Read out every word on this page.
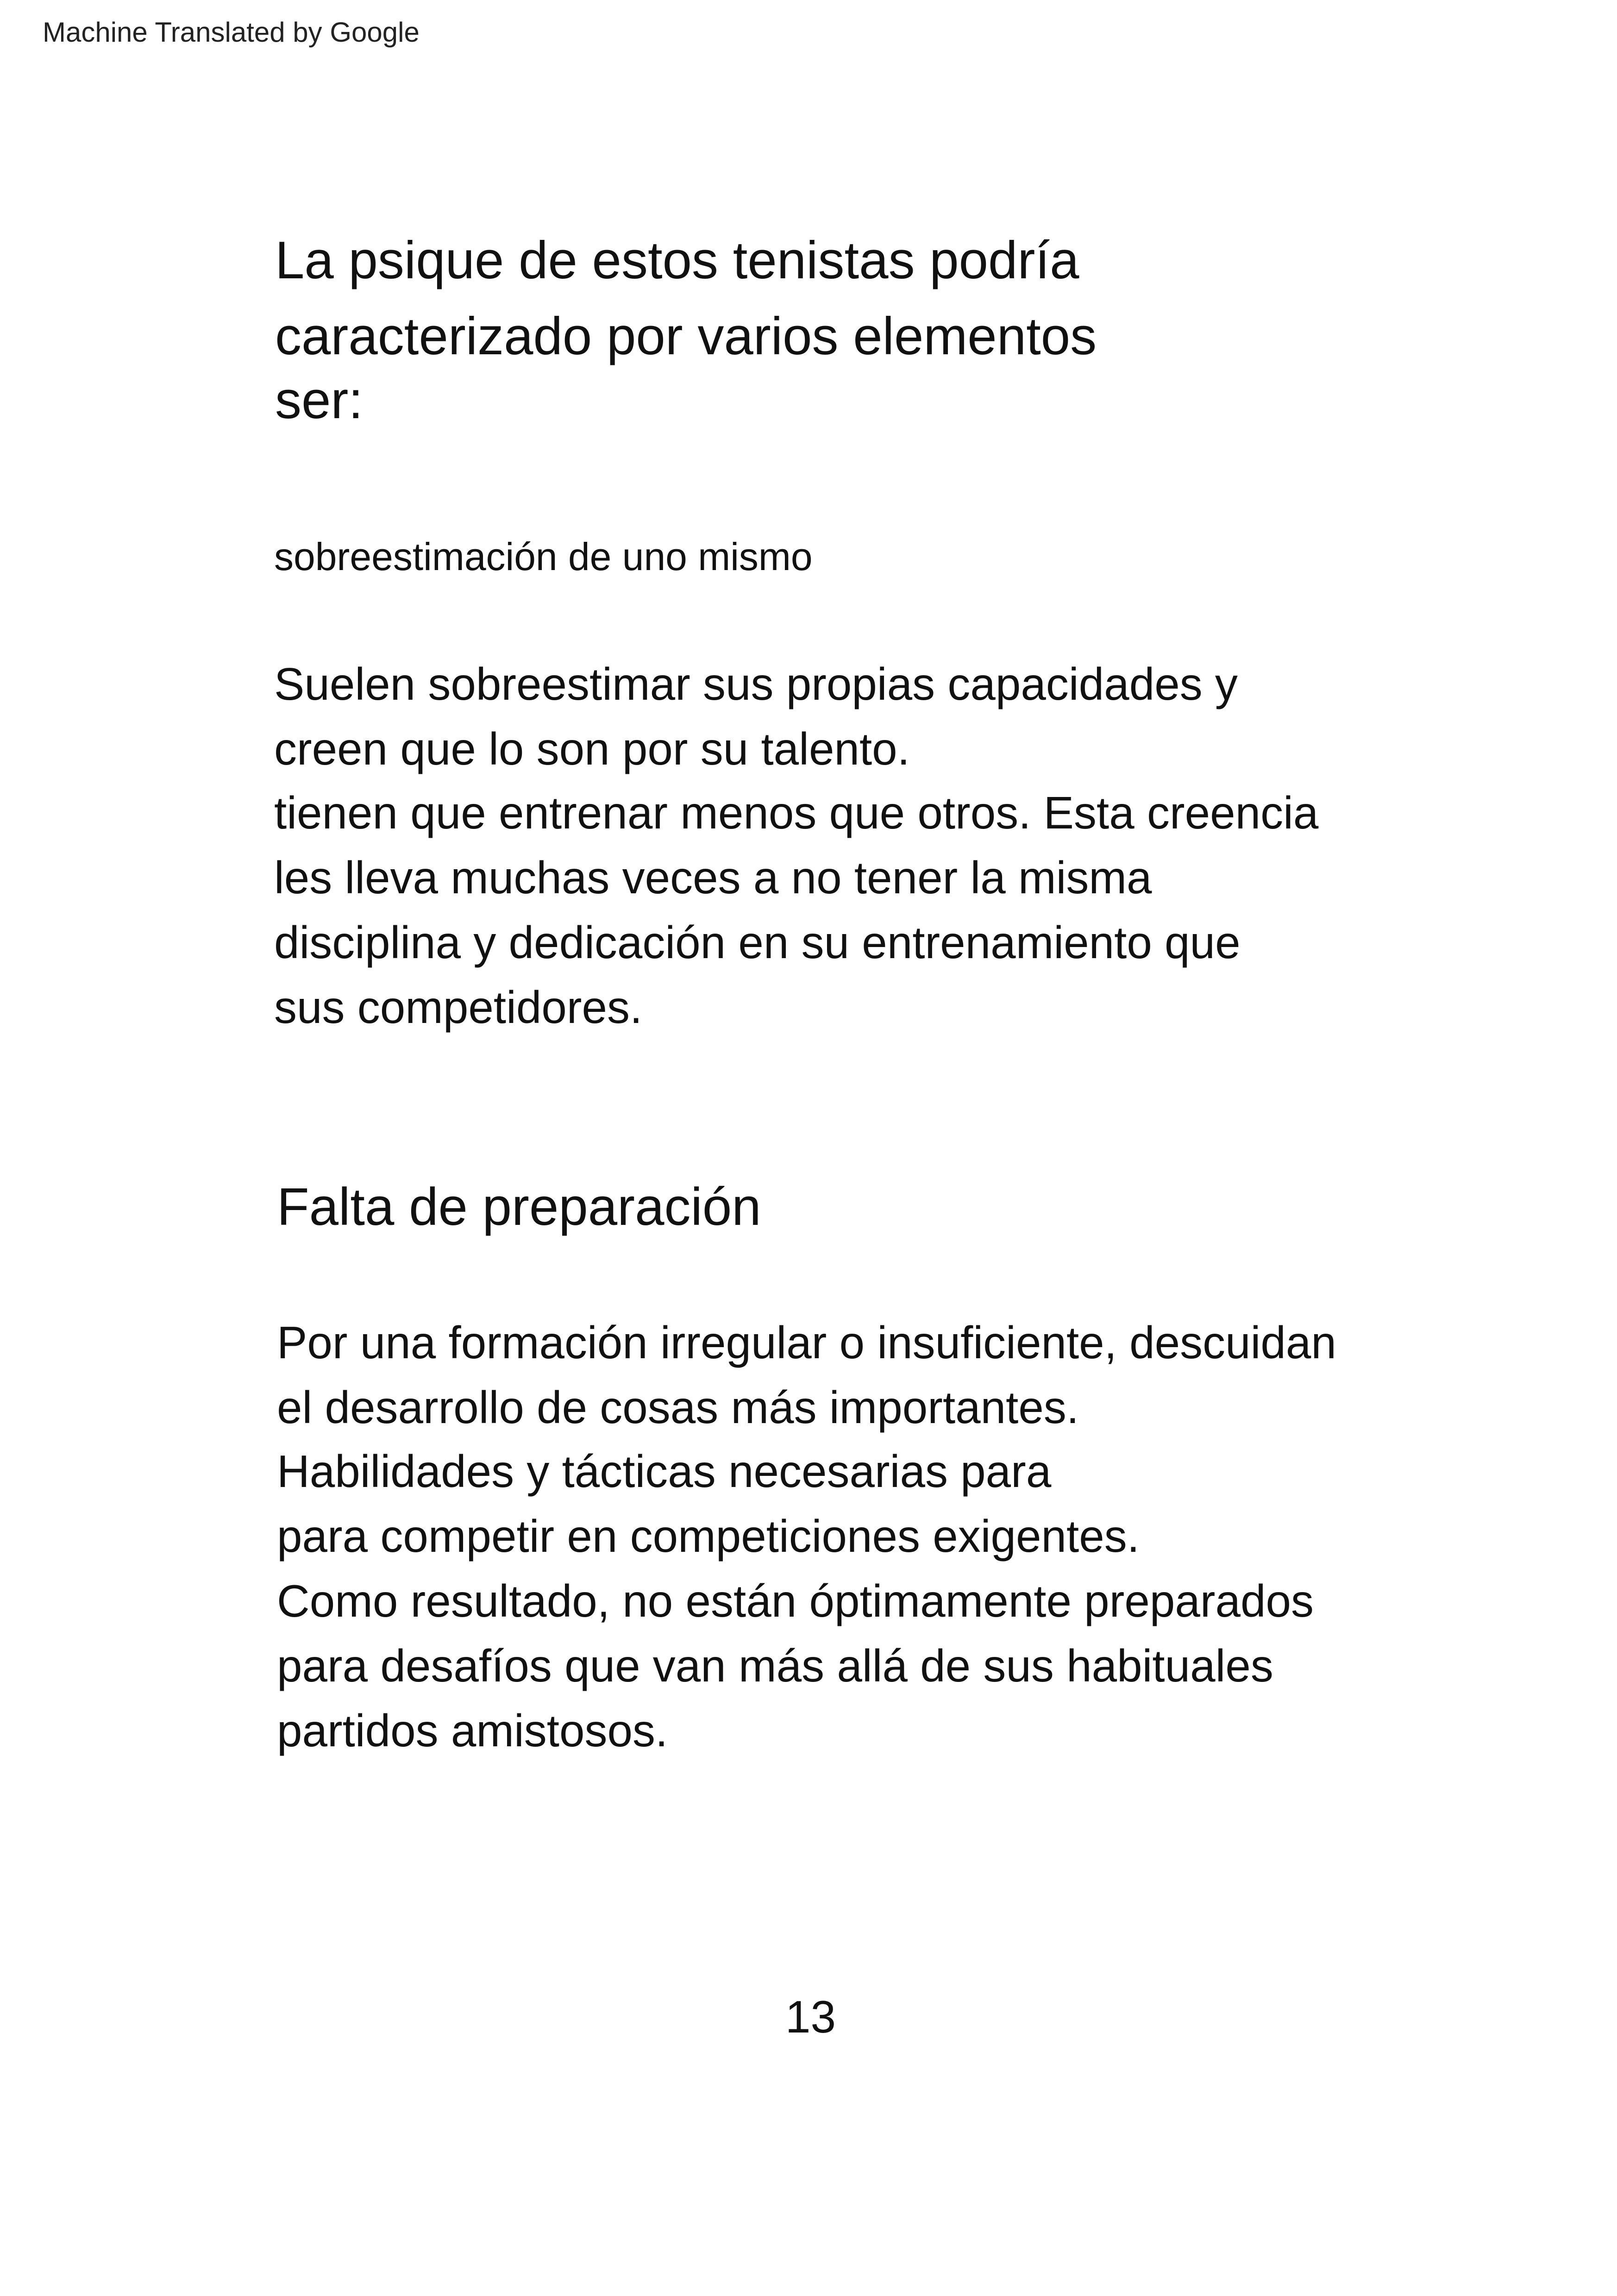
Machine Translated by Google
La psique de estos tenistas podría
caracterizado por varios elementos
ser:
sobreestimación de uno mismo
Suelen sobreestimar sus propias capacidades y
creen que lo son por su talento.
tienen que entrenar menos que otros. Esta creencia
les lleva muchas veces a no tener la misma
disciplina y dedicación en su entrenamiento que
sus competidores.
Falta de preparación
Por una formación irregular o insuficiente, descuidan
el desarrollo de cosas más importantes.
Habilidades y tácticas necesarias para
para competir en competiciones exigentes.
Como resultado, no están óptimamente preparados
para desafíos que van más allá de sus habituales
partidos amistosos.
13
